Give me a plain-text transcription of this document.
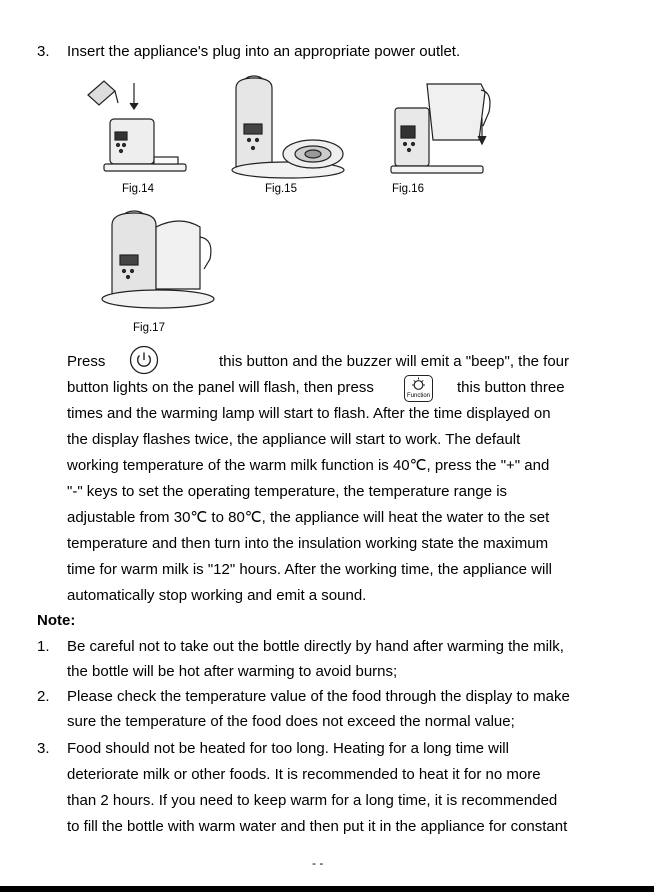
3. Insert the appliance's plug into an appropriate power outlet.
Fig.14	Fig.15	Fig.16
Fig.17
Press	this button and the buzzer will emit a "beep", the four
button lights on the panel will flash, then press	Function this button three
times and the warming lamp will start to flash. After the time displayed on
the display flashes twice, the appliance will start to work. The default
working temperature of the warm milk function is 40℃, press the "+" and
"-" keys to set the operating temperature, the temperature range is
adjustable from 30℃ to 80℃, the appliance will heat the water to the set
temperature and then turn into the insulation working state the maximum
time for warm milk is "12" hours. After the working time, the appliance will
automatically stop working and emit a sound.
Note:
1. Be careful not to take out the bottle directly by hand after warming the milk,
the bottle will be hot after warming to avoid burns;
2. Please check the temperature value of the food through the display to make
sure the temperature of the food does not exceed the normal value;
3. Food should not be heated for too long. Heating for a long time will
deteriorate milk or other foods. It is recommended to heat it for no more
than 2 hours. If you need to keep warm for a long time, it is recommended
to fill the bottle with warm water and then put it in the appliance for constant
- -
